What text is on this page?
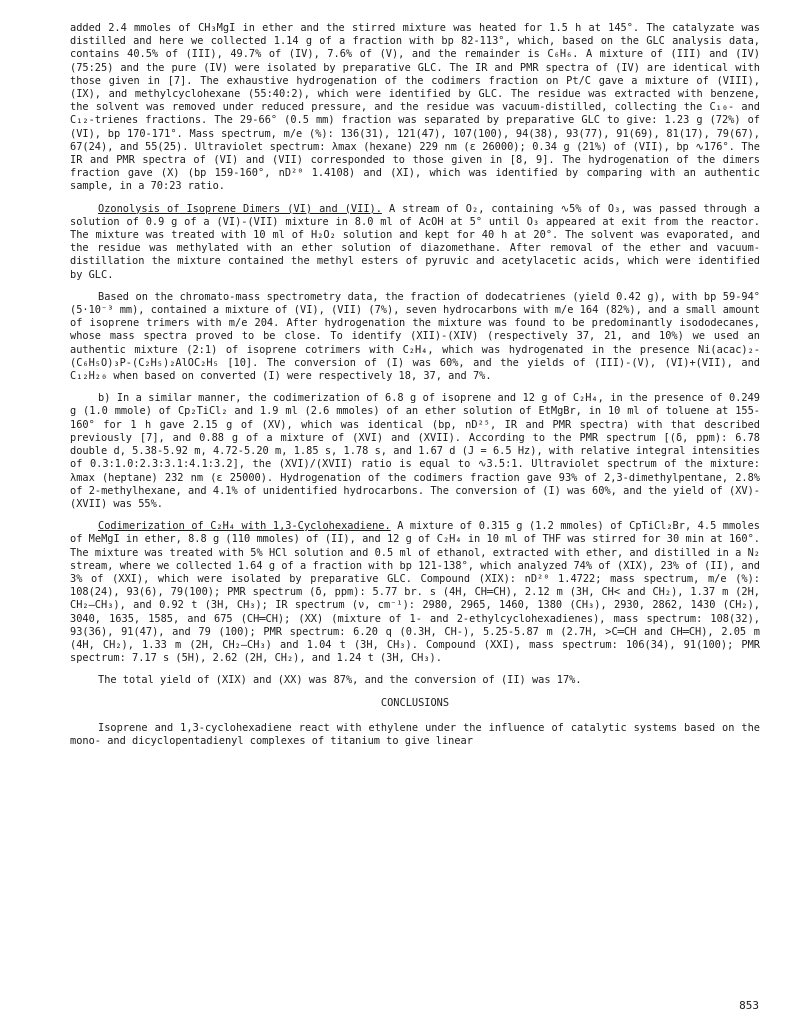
added 2.4 mmoles of CH₃MgI in ether and the stirred mixture was heated for 1.5 h at 145°. The catalyzate was distilled and here we collected 1.14 g of a fraction with bp 82-113°, which, based on the GLC analysis data, contains 40.5% of (III), 49.7% of (IV), 7.6% of (V), and the remainder is C₆H₆. A mixture of (III) and (IV) (75:25) and the pure (IV) were isolated by preparative GLC. The IR and PMR spectra of (IV) are identical with those given in [7]. The exhaustive hydrogenation of the codimers fraction on Pt/C gave a mixture of (VIII), (IX), and methylcyclohexane (55:40:2), which were identified by GLC. The residue was extracted with benzene, the solvent was removed under reduced pressure, and the residue was vacuum-distilled, collecting the C₁₀- and C₁₂-trienes fractions. The 29-66° (0.5 mm) fraction was separated by preparative GLC to give: 1.23 g (72%) of (VI), bp 170-171°. Mass spectrum, m/e (%): 136(31), 121(47), 107(100), 94(38), 93(77), 91(69), 81(17), 79(67), 67(24), and 55(25). Ultraviolet spectrum: λmax (hexane) 229 nm (ε 26000); 0.34 g (21%) of (VII), bp ∿176°. The IR and PMR spectra of (VI) and (VII) corresponded to those given in [8, 9]. The hydrogenation of the dimers fraction gave (X) (bp 159-160°, nD²⁰ 1.4108) and (XI), which was identified by comparing with an authentic sample, in a 70:23 ratio.

Ozonolysis of Isoprene Dimers (VI) and (VII). A stream of O₂, containing ∿5% of O₃, was passed through a solution of 0.9 g of a (VI)-(VII) mixture in 8.0 ml of AcOH at 5° until O₃ appeared at exit from the reactor. The mixture was treated with 10 ml of H₂O₂ solution and kept for 40 h at 20°. The solvent was evaporated, and the residue was methylated with an ether solution of diazomethane. After removal of the ether and vacuum-distillation the mixture contained the methyl esters of pyruvic and acetylacetic acids, which were identified by GLC.

Based on the chromato-mass spectrometry data, the fraction of dodecatrienes (yield 0.42 g), with bp 59-94° (5·10⁻³ mm), contained a mixture of (VI), (VII) (7%), seven hydrocarbons with m/e 164 (82%), and a small amount of isoprene trimers with m/e 204. After hydrogenation the mixture was found to be predominantly isododecanes, whose mass spectra proved to be close. To identify (XII)-(XIV) (respectively 37, 21, and 10%) we used an authentic mixture (2:1) of isoprene cotrimers with C₂H₄, which was hydrogenated in the presence Ni(acac)₂-(C₆H₅O)₃P-(C₂H₅)₂AlOC₂H₅ [10]. The conversion of (I) was 60%, and the yields of (III)-(V), (VI)+(VII), and C₁₂H₂₀ when based on converted (I) were respectively 18, 37, and 7%.

b) In a similar manner, the codimerization of 6.8 g of isoprene and 12 g of C₂H₄, in the presence of 0.249 g (1.0 mmole) of Cp₂TiCl₂ and 1.9 ml (2.6 mmoles) of an ether solution of EtMgBr, in 10 ml of toluene at 155-160° for 1 h gave 2.15 g of (XV), which was identical (bp, nD²⁵, IR and PMR spectra) with that described previously [7], and 0.88 g of a mixture of (XVI) and (XVII). According to the PMR spectrum [(δ, ppm): 6.78 double d, 5.38-5.92 m, 4.72-5.20 m, 1.85 s, 1.78 s, and 1.67 d (J = 6.5 Hz), with relative integral intensities of 0.3:1.0:2.3:3.1:4.1:3.2], the (XVI)/(XVII) ratio is equal to ∿3.5:1. Ultraviolet spectrum of the mixture: λmax (heptane) 232 nm (ε 25000). Hydrogenation of the codimers fraction gave 93% of 2,3-dimethylpentane, 2.8% of 2-methylhexane, and 4.1% of unidentified hydrocarbons. The conversion of (I) was 60%, and the yield of (XV)-(XVII) was 55%.

Codimerization of C₂H₄ with 1,3-Cyclohexadiene. A mixture of 0.315 g (1.2 mmoles) of CpTiCl₂Br, 4.5 mmoles of MeMgI in ether, 8.8 g (110 mmoles) of (II), and 12 g of C₂H₄ in 10 ml of THF was stirred for 30 min at 160°. The mixture was treated with 5% HCl solution and 0.5 ml of ethanol, extracted with ether, and distilled in a N₂ stream, where we collected 1.64 g of a fraction with bp 121-138°, which analyzed 74% of (XIX), 23% of (II), and 3% of (XXI), which were isolated by preparative GLC. Compound (XIX): nD²⁰ 1.4722; mass spectrum, m/e (%): 108(24), 93(6), 79(100); PMR spectrum (δ, ppm): 5.77 br. s (4H, CH═CH), 2.12 m (3H, CH< and CH₂), 1.37 m (2H, CH₂—CH₃), and 0.92 t (3H, CH₃); IR spectrum (ν, cm⁻¹): 2980, 2965, 1460, 1380 (CH₃), 2930, 2862, 1430 (CH₂), 3040, 1635, 1585, and 675 (CH═CH); (XX) (mixture of 1- and 2-ethylcyclohexadienes), mass spectrum: 108(32), 93(36), 91(47), and 79 (100); PMR spectrum: 6.20 q (0.3H, CH-), 5.25-5.87 m (2.7H, >C═CH and CH═CH), 2.05 m (4H, CH₂), 1.33 m (2H, CH₂—CH₃) and 1.04 t (3H, CH₃). Compound (XXI), mass spectrum: 106(34), 91(100); PMR spectrum: 7.17 s (5H), 2.62 (2H, CH₂), and 1.24 t (3H, CH₃).

The total yield of (XIX) and (XX) was 87%, and the conversion of (II) was 17%.

CONCLUSIONS

Isoprene and 1,3-cyclohexadiene react with ethylene under the influence of catalytic systems based on the mono- and dicyclopentadienyl complexes of titanium to give linear

853
